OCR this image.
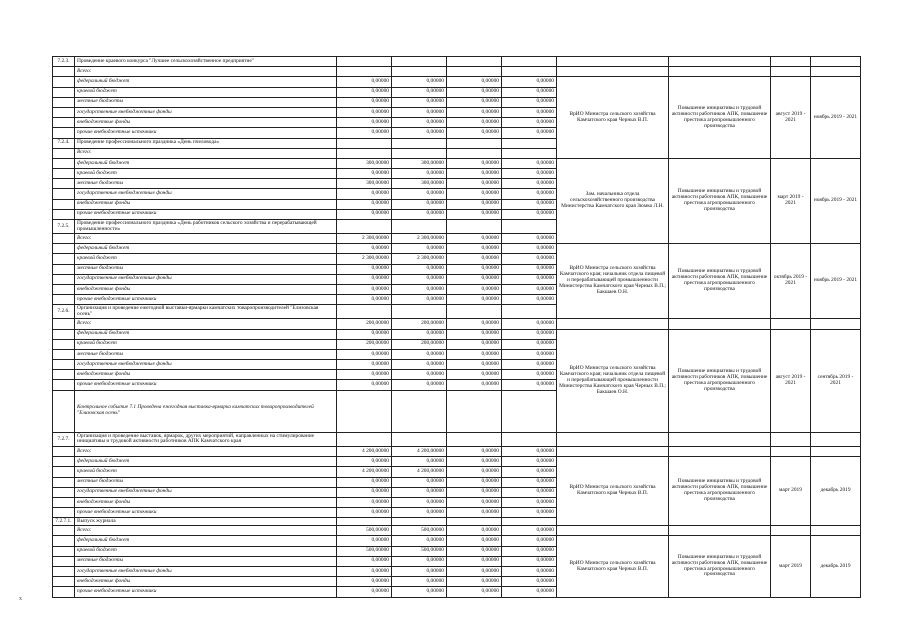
7.2.3.	Проведение краевого конкурса "Лучшее сельскохозяйственное предприятие"									
	Всего:									
	федеральный бюджет	0,00000	0,00000	0,00000	0,00000	ВрИО Министра сельского хозяйства Камчатского края Черных В.П.	Повышение инициативы и трудовой активности работников АПК, повышение престижа агропромышленного производства	август 2019 - 2021	ноябрь 2019 - 2021	
	краевой бюджет	0,00000	0,00000	0,00000	0,00000					
	местные бюджеты	0,00000	0,00000	0,00000	0,00000					
	государственные внебюджетные фонды	0,00000	0,00000	0,00000	0,00000					
	внебюджетные фонды	0,00000	0,00000	0,00000	0,00000					
	прочие внебюджетные источники	0,00000	0,00000	0,00000	0,00000					
7.2.4.	Проведение профессионального праздника «День пчеловода»									
	Всего:									
	федеральный бюджет	300,00000	300,00000	0,00000	0,00000	Зам. начальника отдела сельскохозяйственного производства Министерства Камчатского края Зюмко Л.Н.	Повышение инициативы и трудовой активности работников АПК, повышение престижа агропромышленного производства	март 2019 - 2021	ноябрь 2019 - 2021	
	краевой бюджет	0,00000	0,00000	0,00000	0,00000					
	местные бюджеты	300,00000	300,00000	0,00000	0,00000					
	государственные внебюджетные фонды	0,00000	0,00000	0,00000	0,00000					
	внебюджетные фонды	0,00000	0,00000	0,00000	0,00000					
	прочие внебюджетные источники	0,00000	0,00000	0,00000	0,00000					
7.2.5.	Проведение профессионального праздника «День работников сельского хозяйства и перерабатывающей промышленности»									
	Всего:	2 300,00000	2 300,00000	0,00000	0,00000					
	федеральный бюджет	0,00000	0,00000	0,00000	0,00000	ВрИО Министра сельского хозяйства Камчатского края; начальник отдела пищевой и перерабатывающей промышленности Министерства Камчатского края Черных В.П.; Бакшаев О.Н.	Повышение инициативы и трудовой активности работников АПК, повышение престижа агропромышленного производства	октябрь 2019 - 2021	ноябрь 2019 - 2021	
	краевой бюджет	2 300,00000	2 300,00000	0,00000	0,00000					
	местные бюджеты	0,00000	0,00000	0,00000	0,00000					
	государственные внебюджетные фонды	0,00000	0,00000	0,00000	0,00000					
	внебюджетные фонды	0,00000	0,00000	0,00000	0,00000					
	прочие внебюджетные источники	0,00000	0,00000	0,00000	0,00000					
7.2.6.	Организация и проведение ежегодной выставки-ярмарки камчатских товаропроизводителей "Елизовская осень"									
	Всего:	200,00000	200,00000	0,00000	0,00000					
	федеральный бюджет	0,00000	0,00000	0,00000	0,00000	ВрИО Министра сельского хозяйства Камчатского края; начальник отдела пищевой и перерабатывающей промышленности Министерства Камчатского края Черных В.П.; Бакшаев О.Н.	Повышение инициативы и трудовой активности работников АПК, повышение престижа агропромышленного производства	август 2019 - 2021	сентябрь 2019 - 2021	
	краевой бюджет	200,00000	200,00000	0,00000	0,00000					
	местные бюджеты	0,00000	0,00000	0,00000	0,00000					
	государственные внебюджетные фонды	0,00000	0,00000	0,00000	0,00000					
	внебюджетные фонды	0,00000	0,00000	0,00000	0,00000					
	прочие внебюджетные источники	0,00000	0,00000	0,00000	0,00000					
	Контрольное событие 7.1 Проведена ежегодная выставка-ярмарка камчатских товаропроизводителей "Елизовская осень"								
7.2.7.	Организация и проведение выставок, ярмарок, других мероприятий, направленных на стимулирование инициативы и трудовой активности работников АПК Камчатского края									
	Всего:	4 200,00000	4 200,00000	0,00000	0,00000					
	федеральный бюджет	0,00000	0,00000	0,00000	0,00000	ВрИО Министра сельского хозяйства Камчатского края Черных В.П.	Повышение инициативы и трудовой активности работников АПК, повышение престижа агропромышленного производства	март 2019	декабрь 2019	
	краевой бюджет	4 200,00000	4 200,00000	0,00000	0,00000					
	местные бюджеты	0,00000	0,00000	0,00000	0,00000					
	государственные внебюджетные фонды	0,00000	0,00000	0,00000	0,00000					
	внебюджетные фонды	0,00000	0,00000	0,00000	0,00000					
	прочие внебюджетные источники	0,00000	0,00000	0,00000	0,00000					
7.2.7.1.	Выпуск журнала									
	Всего:	500,00000	500,00000	0,00000	0,00000					
	федеральный бюджет	0,00000	0,00000	0,00000	0,00000	ВрИО Министра сельского хозяйства Камчатского края Черных В.П.	Повышение инициативы и трудовой активности работников АПК, повышение престижа агропромышленного производства	март 2019	декабрь 2019	
	краевой бюджет	500,00000	500,00000	0,00000	0,00000					
	местные бюджеты	0,00000	0,00000	0,00000	0,00000					
	государственные внебюджетные фонды	0,00000	0,00000	0,00000	0,00000					
	внебюджетные фонды	0,00000	0,00000	0,00000	0,00000					
	прочие внебюджетные источники	0,00000	0,00000	0,00000	0,00000					
х
